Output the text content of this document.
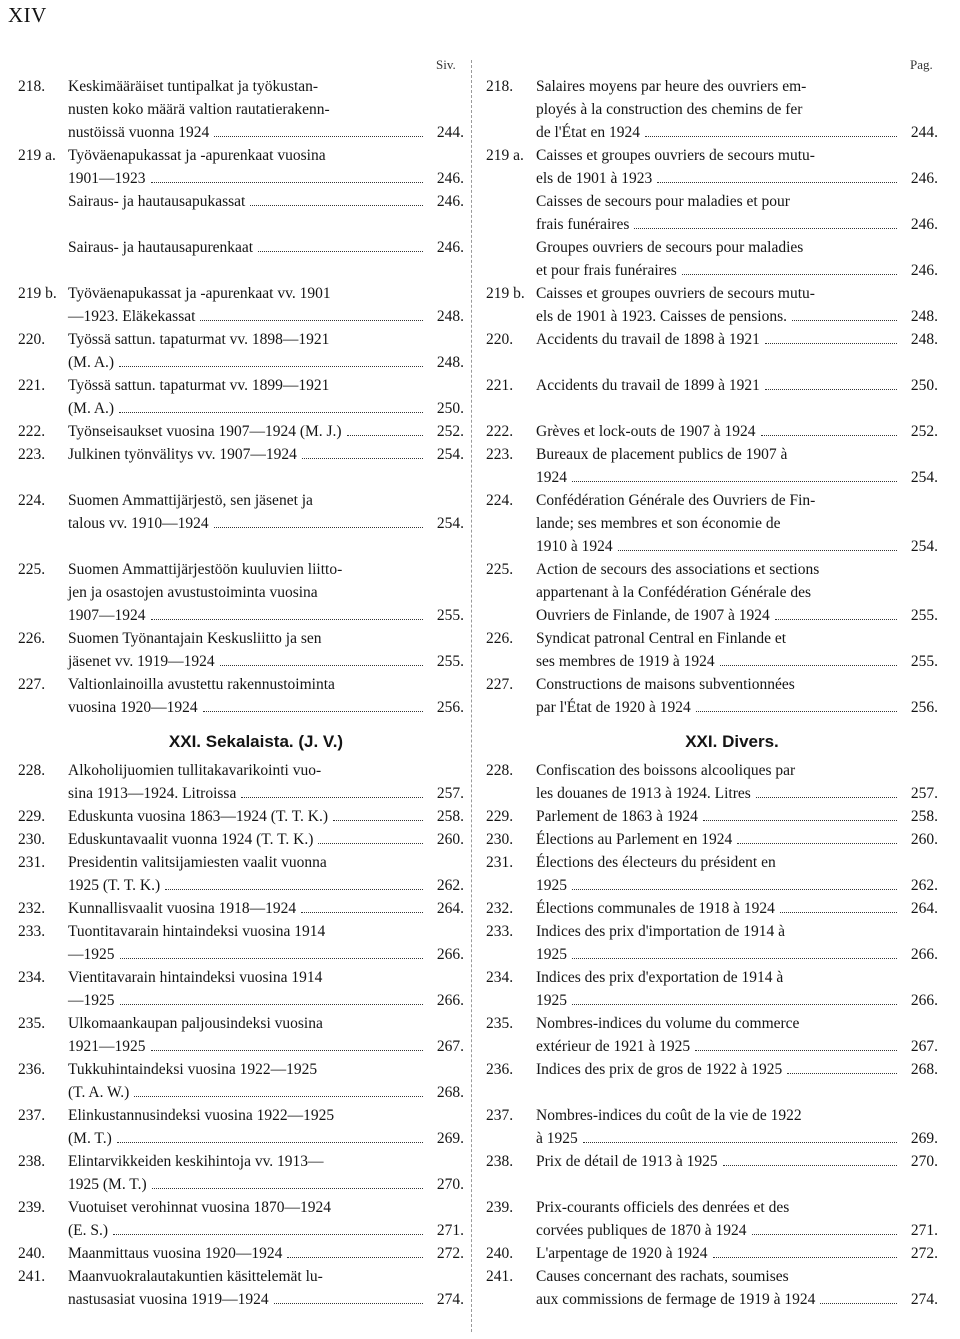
XIV
Siv.	Pag.
218.	Keskimääräiset tuntipalkat ja työkustan-
nusten koko määrä valtion rautatierakenn-
nustöissä vuonna 1924	244.
219 a. Työväenapukassat ja -apurenkaat vuosina
1901—1923	246.
Sairaus- ja hautausapukassat	246.
Sairaus- ja hautausapurenkaat	246.
219 b. Työväenapukassat ja -apurenkaat vv. 1901
—1923. Eläkekassat	248.
220.	Työssä sattun. tapaturmat vv. 1898—1921
(M. A.)	248.
221.	Työssä sattun. tapaturmat vv. 1899—1921
(M. A.)	250.
222.	Työnseisaukset vuosina 1907—1924 (M. J.)	252.
223.	Julkinen työnvälitys vv. 1907—1924	254.
224.	Suomen Ammattijärjestö, sen jäsenet ja
talous vv. 1910—1924	254.
225.	Suomen Ammattijärjestöön kuuluvien liitto-
jen ja osastojen avustustoiminta vuosina
1907—1924	255.
226.	Suomen Työnantajain Keskusliitto ja sen
jäsenet vv. 1919—1924	255.
227.	Valtionlainoilla avustettu rakennustoiminta
vuosina 1920—1924	256.
XXI. Sekalaista. (J. V.)
228.	Alkoholijuomien tullitakavarikointi vuo-
sina 1913—1924. Litroissa	257.
229.	Eduskunta vuosina 1863—1924 (T. T. K.)	258.
230.	Eduskuntavaalit vuonna 1924 (T. T. K.)	260.
231.	Presidentin valitsijamiesten vaalit vuonna
1925 (T. T. K.)	262.
232.	Kunnallisvaalit vuosina 1918—1924	264.
233.	Tuontitavarain hintaindeksi vuosina 1914
—1925	266.
234.	Vientitavarain hintaindeksi vuosina 1914
—1925	266.
235.	Ulkomaankaupan paljousindeksi vuosina
1921—1925	267.
236.	Tukkuhintaindeksi vuosina 1922—1925
(T. A. W.)	268.
237.	Elinkustannusindeksi vuosina 1922—1925
(M. T.)	269.
238.	Elintarvikkeiden keskihintoja vv. 1913—
1925 (M. T.)	270.
239.	Vuotuiset verohinnat vuosina 1870—1924
(E. S.)	271.
240.	Maanmittaus vuosina 1920—1924	272.
241.	Maanvuokralautakuntien käsittelemät lu-
nastusasiat vuosina 1919—1924	274.
218.	Salaires moyens par heure des ouvriers em-
ployés à la construction des chemins de fer
de l'État en 1924	244.
219 a. Caisses et groupes ouvriers de secours mutu-
els de 1901 à 1923	246.
Caisses de secours pour maladies et pour
frais funéraires	246.
Groupes ouvriers de secours pour maladies
et pour frais funéraires	246.
219 b. Caisses et groupes ouvriers de secours mutu-
els de 1901 à 1923. Caisses de pensions.	248.
220.	Accidents du travail de 1898 à 1921	248.
221.	Accidents du travail de 1899 à 1921	250.
222.	Grèves et lock-outs de 1907 à 1924	252.
223.	Bureaux de placement publics de 1907 à
1924	254.
224.	Confédération Générale des Ouvriers de Fin-
lande; ses membres et son économie de
1910 à 1924	254.
225.	Action de secours des associations et sections
appartenant à la Confédération Générale des
Ouvriers de Finlande, de 1907 à 1924	255.
226.	Syndicat patronal Central en Finlande et
ses membres de 1919 à 1924	255.
227.	Constructions de maisons subventionnées
par l'État de 1920 à 1924	256.
XXI. Divers.
228.	Confiscation des boissons alcooliques par
les douanes de 1913 à 1924. Litres	257.
229.	Parlement de 1863 à 1924	258.
230.	Élections au Parlement en 1924	260.
231.	Élections des électeurs du président en
1925	262.
232.	Élections communales de 1918 à 1924	264.
233.	Indices des prix d'importation de 1914 à
1925	266.
234.	Indices des prix d'exportation de 1914 à
1925	266.
235.	Nombres-indices du volume du commerce
extérieur de 1921 à 1925	267.
236.	Indices des prix de gros de 1922 à 1925	268.
237.	Nombres-indices du coût de la vie de 1922
à 1925	269.
238.	Prix de détail de 1913 à 1925	270.
239.	Prix-courants officiels des denrées et des
corvées publiques de 1870 à 1924	271.
240.	L'arpentage de 1920 à 1924	272.
241.	Causes concernant des rachats, soumises
aux commissions de fermage de 1919 à 1924	274.
